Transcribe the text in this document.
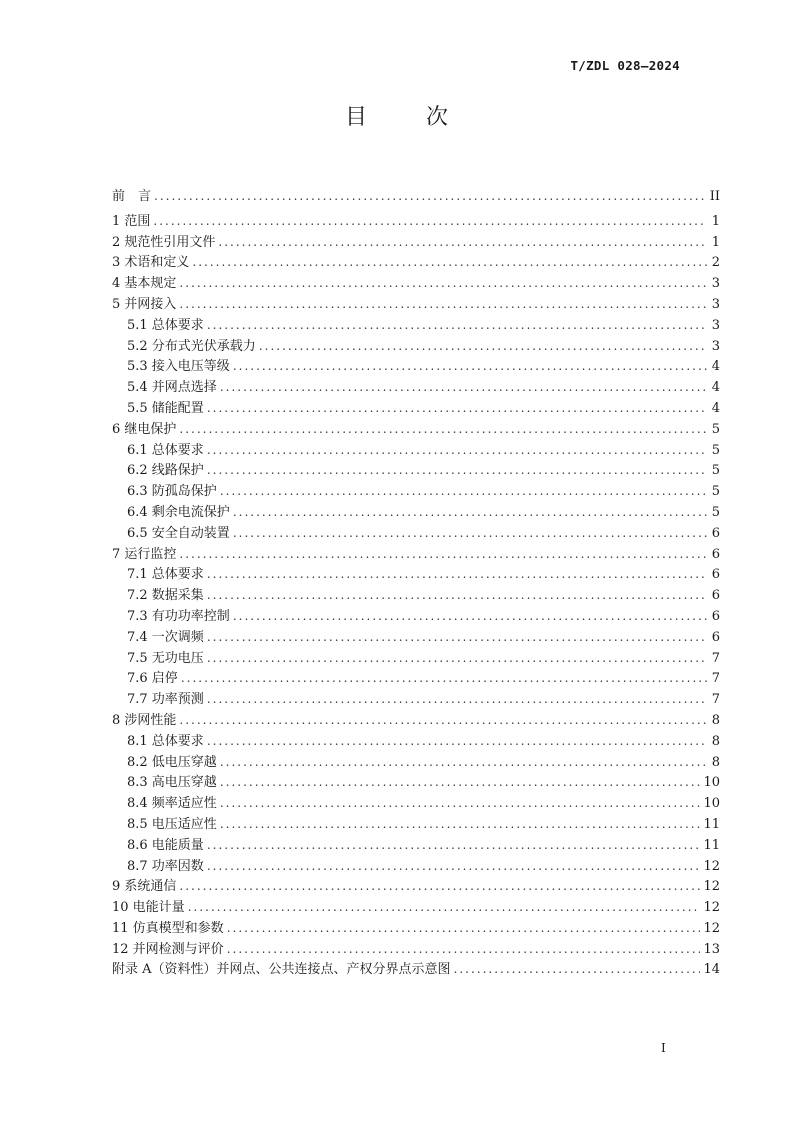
T/ZDL 028—2024
目 次
前　言 .....	II
1 范围 .....	1
2 规范性引用文件 .....	1
3 术语和定义 .....	2
4 基本规定 .....	3
5 并网接入 .....	3
5.1 总体要求 .....	3
5.2 分布式光伏承载力 .....	3
5.3 接入电压等级 .....	4
5.4 并网点选择 .....	4
5.5 储能配置 .....	4
6 继电保护 .....	5
6.1 总体要求 .....	5
6.2 线路保护 .....	5
6.3 防孤岛保护 .....	5
6.4 剩余电流保护 .....	5
6.5 安全自动装置 .....	6
7 运行监控 .....	6
7.1 总体要求 .....	6
7.2 数据采集 .....	6
7.3 有功功率控制 .....	6
7.4 一次调频 .....	6
7.5 无功电压 .....	7
7.6 启停 .....	7
7.7 功率预测 .....	7
8 涉网性能 .....	8
8.1 总体要求 .....	8
8.2 低电压穿越 .....	8
8.3 高电压穿越 .....	10
8.4 频率适应性 .....	10
8.5 电压适应性 .....	11
8.6 电能质量 .....	11
8.7 功率因数 .....	12
9 系统通信 .....	12
10 电能计量 .....	12
11 仿真模型和参数 .....	12
12 并网检测与评价 .....	13
附录 A（资料性）并网点、公共连接点、产权分界点示意图 .....	14
I
